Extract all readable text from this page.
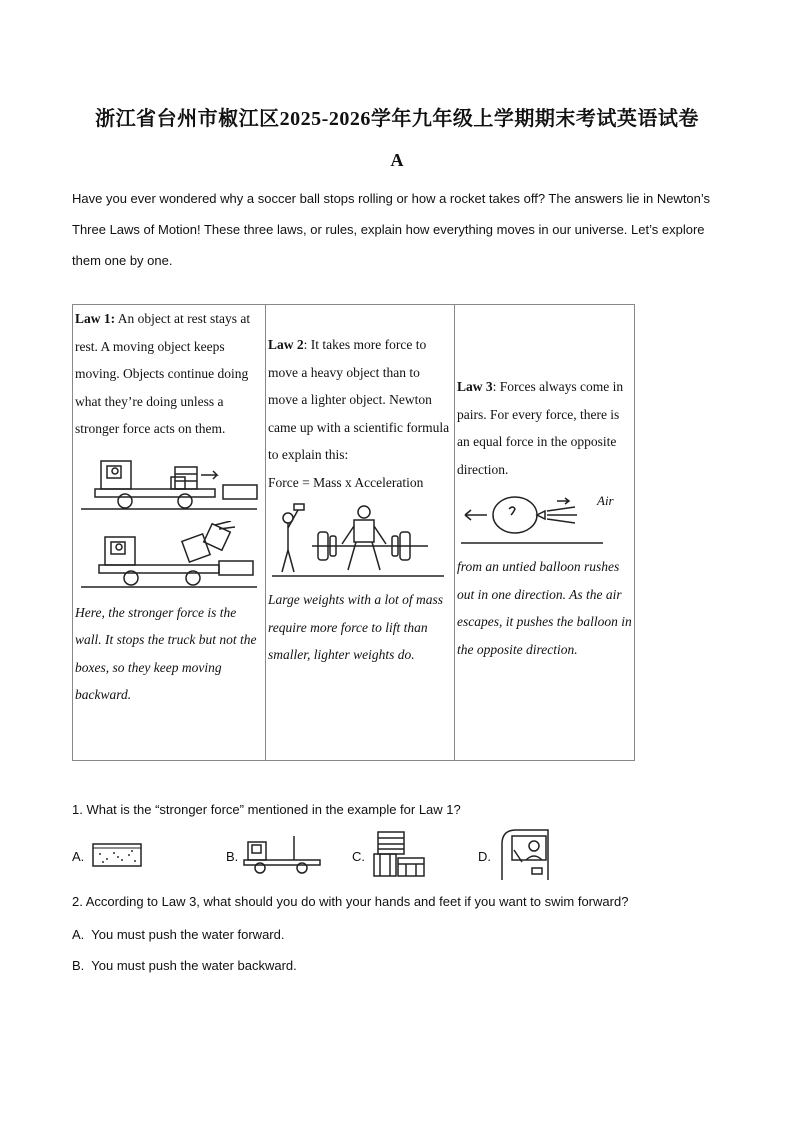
浙江省台州市椒江区2025-2026学年九年级上学期期末考试英语试卷
A
Have you ever wondered why a soccer ball stops rolling or how a rocket takes off? The answers lie in Newton’s Three Laws of Motion! These three laws, or rules, explain how everything moves in our universe. Let’s explore them one by one.
Law 1: An object at rest stays at rest. A moving object keeps moving. Objects continue doing what they’re doing unless a stronger force acts on them.
Here, the stronger force is the wall. It stops the truck but not the boxes, so they keep moving backward.	Law 2: It takes more force to move a heavy object than to move a lighter object. Newton came up with a scientific formula to explain this:
Force = Mass x Acceleration
Large weights with a lot of mass require more force to lift than smaller, lighter weights do.	Law 3: Forces always come in pairs. For every force, there is an equal force in the opposite direction.
Air
from an untied balloon rushes out in one direction. As the air escapes, it pushes the balloon in the opposite direction.
1. What is the “stronger force” mentioned in the example for Law 1?
A.	B.	C.	D.
2. According to Law 3, what should you do with your hands and feet if you want to swim forward?
A. You must push the water forward.
B. You must push the water backward.
